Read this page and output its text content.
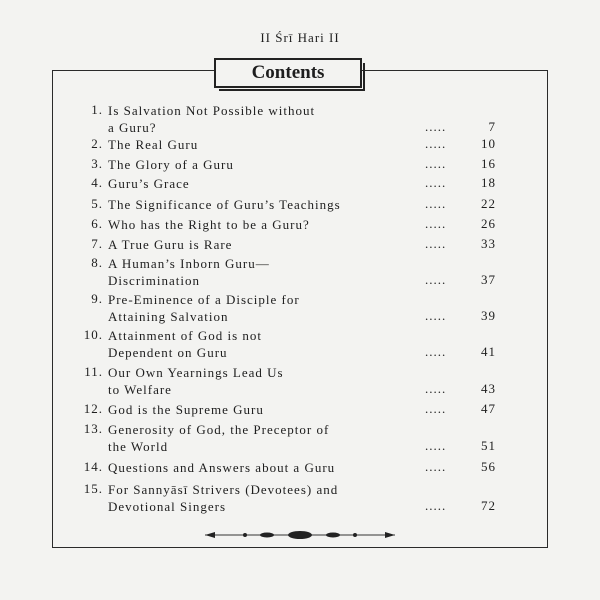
II Śrī Hari II
Contents
1. Is Salvation Not Possible without
a Guru?	.....	7
2. The Real Guru	.....	10
3. The Glory of a Guru	.....	16
4. Guru’s Grace	.....	18
5. The Significance of Guru’s Teachings	.....	22
6. Who has the Right to be a Guru?	.....	26
7. A True Guru is Rare	.....	33
8. A Human’s Inborn Guru—
Discrimination	.....	37
9. Pre-Eminence of a Disciple for
Attaining Salvation	.....	39
10. Attainment of God is not
Dependent on Guru	.....	41
11. Our Own Yearnings Lead Us
to Welfare	.....	43
12. God is the Supreme Guru	.....	47
13. Generosity of God, the Preceptor of
the World	.....	51
14. Questions and Answers about a Guru	.....	56
15. For Sannyāsī Strivers (Devotees) and
Devotional Singers	.....	72
